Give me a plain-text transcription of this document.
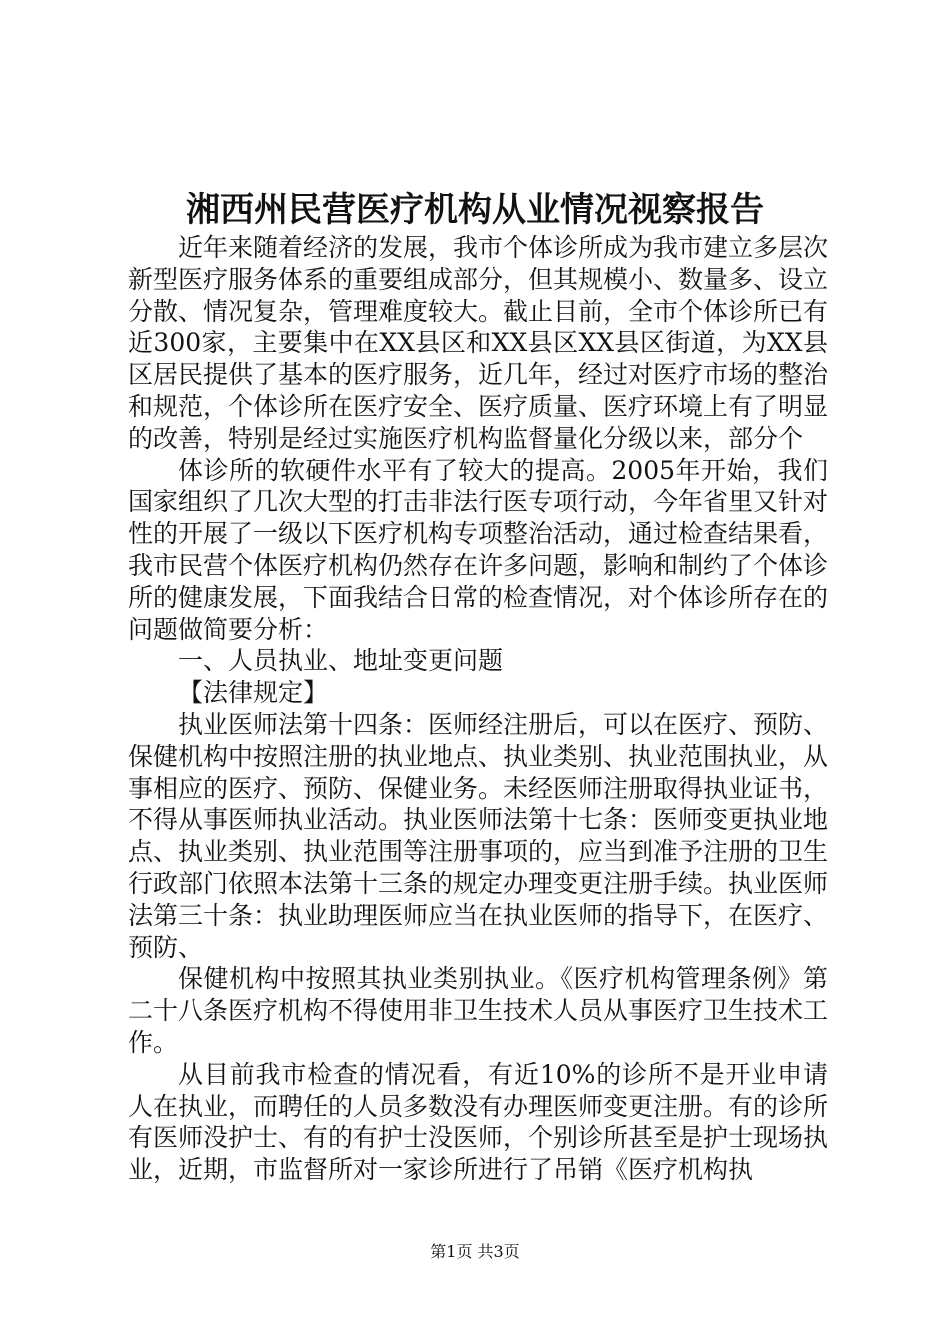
湘西州民营医疗机构从业情况视察报告

近年来随着经济的发展，我市个体诊所成为我市建立多层次新型医疗服务体系的重要组成部分，但其规模小、数量多、设立分散、情况复杂，管理难度较大。截止目前，全市个体诊所已有近300家，主要集中在XX县区和XX县区XX县区街道，为XX县区居民提供了基本的医疗服务，近几年，经过对医疗市场的整治和规范，个体诊所在医疗安全、医疗质量、医疗环境上有了明显的改善，特别是经过实施医疗机构监督量化分级以来，部分个

体诊所的软硬件水平有了较大的提高。2005年开始，我们国家组织了几次大型的打击非法行医专项行动，今年省里又针对性的开展了一级以下医疗机构专项整治活动，通过检查结果看，我市民营个体医疗机构仍然存在许多问题，影响和制约了个体诊所的健康发展，下面我结合日常的检查情况，对个体诊所存在的问题做简要分析：

一、人员执业、地址变更问题

【法律规定】

执业医师法第十四条：医师经注册后，可以在医疗、预防、保健机构中按照注册的执业地点、执业类别、执业范围执业，从事相应的医疗、预防、保健业务。未经医师注册取得执业证书，不得从事医师执业活动。执业医师法第十七条：医师变更执业地点、执业类别、执业范围等注册事项的，应当到准予注册的卫生行政部门依照本法第十三条的规定办理变更注册手续。执业医师法第三十条：执业助理医师应当在执业医师的指导下，在医疗、预防、

保健机构中按照其执业类别执业。《医疗机构管理条例》第二十八条医疗机构不得使用非卫生技术人员从事医疗卫生技术工作。

从目前我市检查的情况看，有近10%的诊所不是开业申请人在执业，而聘任的人员多数没有办理医师变更注册。有的诊所有医师没护士、有的有护士没医师，个别诊所甚至是护士现场执业，近期，市监督所对一家诊所进行了吊销《医疗机构执

第1页 共3页
